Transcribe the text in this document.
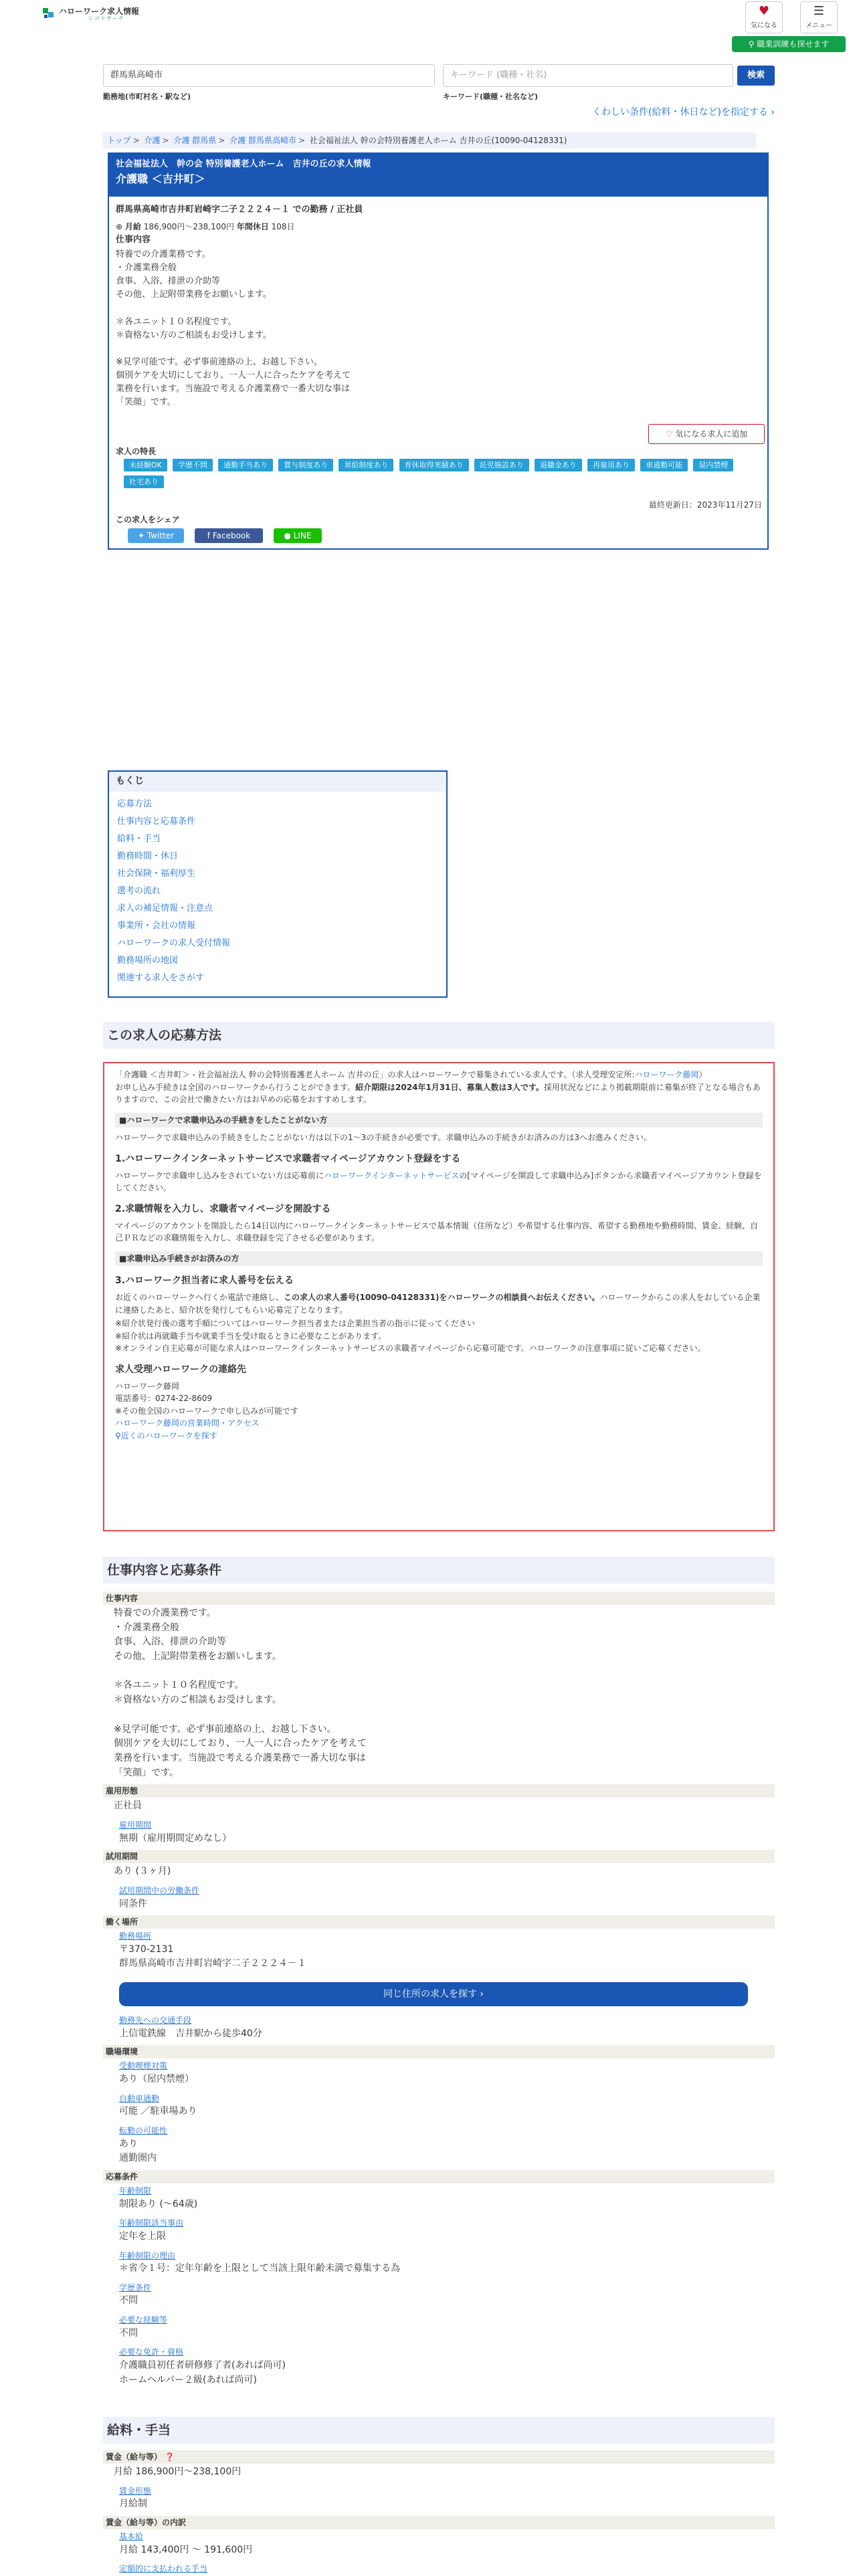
ハローワーク求人情報
シゴトサーチ
♥
気になる
☰
メニュー
⚲ 職業訓練も探せます
群馬県高崎市	キーワード (職種・社名)	検索
勤務地(市町村名・駅など)	キーワード(職種・社名など)
くわしい条件(給料・休日など)を指定する ›
トップ > 介護 > 介護 群馬県 > 介護 群馬県高崎市 > 社会福祉法人 幹の会特別養護老人ホーム 吉井の丘(10090-04128331)
社会福祉法人　幹の会 特別養護老人ホーム　吉井の丘の求人情報
介護職 ＜吉井町＞
群馬県高崎市吉井町岩崎字二子２２２４－１ での勤務 / 正社員
⊕ 月給 186,900円〜238,100円 年間休日 108日
仕事内容
特養での介護業務です。
・介護業務全般
食事、入浴、排泄の介助等
その他、上記附帯業務をお願いします。

＊各ユニット１０名程度です。
＊資格ない方のご相談もお受けします。

※見学可能です。必ず事前連絡の上、お越し下さい。
個別ケアを大切にしており、一人一人に合ったケアを考えて
業務を行います。当施設で考える介護業務で一番大切な事は
「笑顔」です。
♡ 気になる求人に追加
求人の特長
未経験OK 学歴不問 通勤手当あり 賞与制度あり 昇給制度あり 育休取得実績あり 託児施設あり 退職金あり 再雇用あり 車通勤可能 屋内禁煙 社宅あり
最終更新日：2023年11月27日
この求人をシェア
✦ Twitter	f Facebook	● LINE
もくじ
応募方法
仕事内容と応募条件
給料・手当
勤務時間・休日
社会保険・福利厚生
選考の流れ
求人の補足情報・注意点
事業所・会社の情報
ハローワークの求人受付情報
勤務場所の地図
関連する求人をさがす
この求人の応募方法

「介護職 ＜吉井町＞ - 社会福祉法人 幹の会特別養護老人ホーム 吉井の丘」の求人はハローワークで募集されている求人です。（求人受理安定所:ハローワーク藤岡）
お申し込み手続きは全国のハローワークから行うことができます。紹介期限は2024年1月31日、募集人数は3人です。採用状況などにより掲載期限前に募集が終了となる場合もありますので、この会社で働きたい方はお早めの応募をおすすめします。

■ハローワークで求職申込みの手続きをしたことがない方

ハローワークで求職申込みの手続きをしたことがない方は以下の1〜3の手続きが必要です。求職申込みの手続きがお済みの方は3へお進みください。

1.ハローワークインターネットサービスで求職者マイページアカウント登録をする

ハローワークで求職申し込みをされていない方は応募前にハローワークインターネットサービスの[マイページを開設して求職申込み]ボタンから求職者マイページアカウント登録をしてください。

2.求職情報を入力し、求職者マイページを開設する

マイページのアカウントを開設したら14日以内にハローワークインターネットサービスで基本情報（住所など）や希望する仕事内容、希望する勤務地や勤務時間、賃金、経験、自己ＰＲなどの求職情報を入力し、求職登録を完了させる必要があります。

■求職申込み手続きがお済みの方
3.ハローワーク担当者に求人番号を伝える

お近くのハローワークへ行くか電話で連絡し、この求人の求人番号(10090-04128331)をハローワークの相談員へお伝えください。ハローワークからこの求人をおしている企業に連絡したあと、紹介状を発行してもらい応募完了となります。

※紹介状発行後の選考手順についてはハローワーク担当者または企業担当者の指示に従ってください

※紹介状は再就職手当や就業手当を受け取るときに必要なことがあります。

※オンライン自主応募が可能な求人はハローワークインターネットサービスの求職者マイページから応募可能です。ハローワークの注意事項に従いご応募ください。

求人受理ハローワークの連絡先
ハローワーク藤岡
電話番号：0274-22-8609
※その他全国のハローワークで申し込みが可能です
ハローワーク藤岡の営業時間・アクセス
⚲近くのハローワークを探す
仕事内容と応募条件
仕事内容
特養での介護業務です。
・介護業務全般
食事、入浴、排泄の介助等
その他、上記附帯業務をお願いします。

＊各ユニット１０名程度です。
＊資格ない方のご相談もお受けします。

※見学可能です。必ず事前連絡の上、お越し下さい。
個別ケアを大切にしており、一人一人に合ったケアを考えて
業務を行います。当施設で考える介護業務で一番大切な事は
「笑顔」です。
雇用形態
正社員
雇用期間
無期（雇用期間定めなし）
試用期間
あり (３ヶ月)
試用期間中の労働条件
同条件
働く場所
勤務場所
〒370-2131
群馬県高崎市吉井町岩崎字二子２２２４－１
同じ住所の求人を探す ›
勤務先への交通手段
上信電鉄線　吉井駅から徒歩40分
職場環境
受動喫煙対策
あり（屋内禁煙）
自動車通勤
可能 ／駐車場あり
転勤の可能性
あり
通勤圏内
応募条件
年齢制限
制限あり (〜64歳)
年齢制限該当事由
定年を上限
年齢制限の理由
＊省令１号：定年年齢を上限として当該上限年齢未満で募集する為
学歴条件
不問
必要な経験等
不問
必要な免許・資格
介護職員初任者研修修了者(あれば尚可)
ホームヘルパー２級(あれば尚可)
給料・手当
賃金（給与等） ❓
月給 186,900円〜238,100円
賃金形態
月給制
賃金（給与等）の内訳
基本給
月給 143,400円 〜 191,600円
定額的に支払われる手当
